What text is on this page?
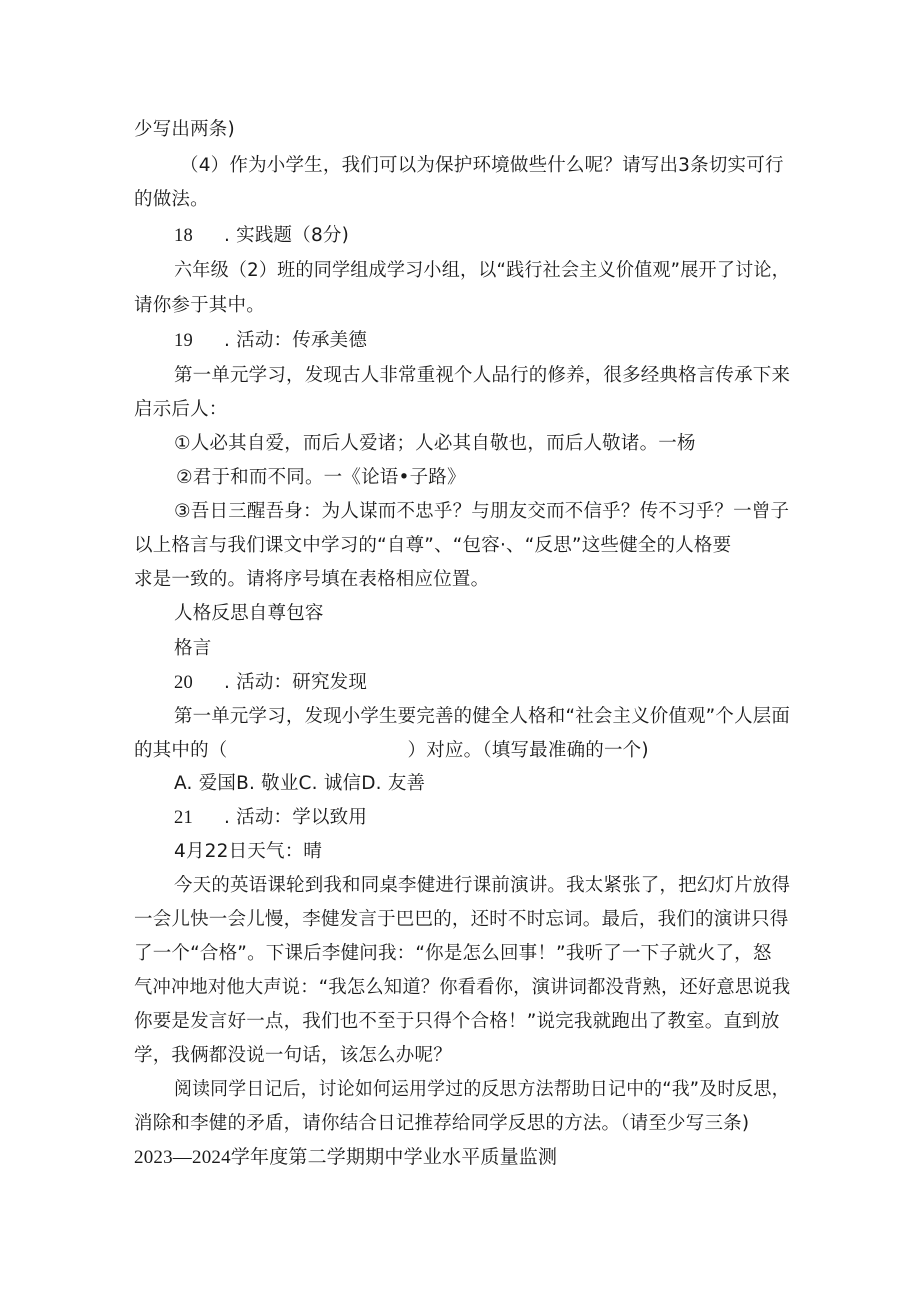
少写出两条)
（4）作为小学生，我们可以为保护环境做些什么呢？请写出3条切实可行
的做法。
18 . 实践题（8分)
六年级（2）班的同学组成学习小组，以“践行社会主义价值观”展开了讨论，
请你参于其中。
19 . 活动：传承美德
第一单元学习，发现古人非常重视个人品行的修养，很多经典格言传承下来
启示后人：
①人必其自爱，而后人爱诸；人必其自敬也，而后人敬诸。一杨
②君于和而不同。一《论语•子路》
③吾日三醒吾身：为人谋而不忠乎？与朋友交而不信乎？传不习乎？一曾子
以上格言与我们课文中学习的“自尊”、“包容·、“反思”这些健全的人格要
求是一致的。请将序号填在表格相应位置。
人格反思自尊包容
格言
20 . 活动：研究发现
第一单元学习，发现小学生要完善的健全人格和“社会主义价值观”个人层面
的其中的（	）对应。（填写最准确的一个)
A. 爱国B. 敬业C. 诚信D. 友善
21 . 活动：学以致用
4月22日天气：晴
今天的英语课轮到我和同桌李健进行课前演讲。我太紧张了，把幻灯片放得
一会儿快一会儿慢，李健发言于巴巴的，还时不时忘词。最后，我们的演讲只得
了一个“合格”。下课后李健问我：“你是怎么回事！”我听了一下子就火了，怒
气冲冲地对他大声说：“我怎么知道？你看看你，演讲词都没背熟，还好意思说我
你要是发言好一点，我们也不至于只得个合格！”说完我就跑出了教室。直到放
学，我俩都没说一句话，该怎么办呢？
阅读同学日记后，讨论如何运用学过的反思方法帮助日记中的“我”及时反思，
消除和李健的矛盾，请你结合日记推荐给同学反思的方法。（请至少写三条)
2023—2024学年度第二学期期中学业水平质量监测
